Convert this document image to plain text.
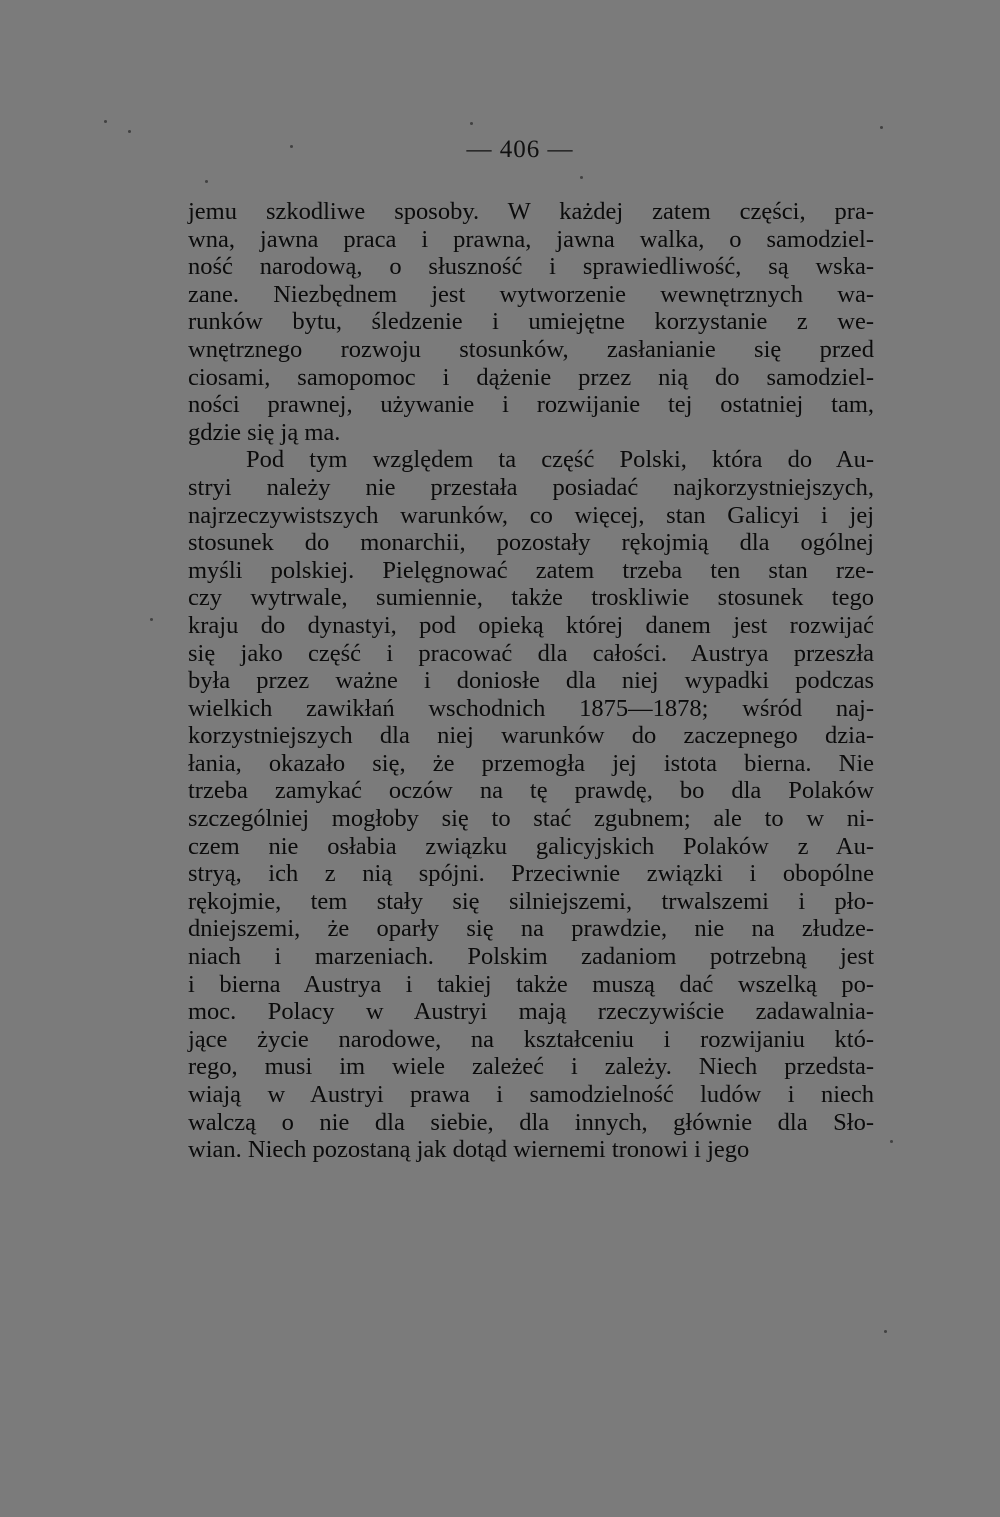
— 406 —
jemu szkodliwe sposoby. W każdej zatem części, pra-
wna, jawna praca i prawna, jawna walka, o samodziel-
ność narodową, o słuszność i sprawiedliwość, są wska-
zane. Niezbędnem jest wytworzenie wewnętrznych wa-
runków bytu, śledzenie i umiejętne korzystanie z we-
wnętrznego rozwoju stosunków, zasłanianie się przed
ciosami, samopomoc i dążenie przez nią do samodziel-
ności prawnej, używanie i rozwijanie tej ostatniej tam,
gdzie się ją ma.
Pod tym względem ta część Polski, która do Au-
stryi należy nie przestała posiadać najkorzystniejszych,
najrzeczywistszych warunków, co więcej, stan Galicyi i jej
stosunek do monarchii, pozostały rękojmią dla ogólnej
myśli polskiej. Pielęgnować zatem trzeba ten stan rze-
czy wytrwale, sumiennie, także troskliwie stosunek tego
kraju do dynastyi, pod opieką której danem jest rozwijać
się jako część i pracować dla całości. Austrya przeszła
była przez ważne i doniosłe dla niej wypadki podczas
wielkich zawikłań wschodnich 1875—1878; wśród naj-
korzystniejszych dla niej warunków do zaczepnego dzia-
łania, okazało się, że przemogła jej istota bierna. Nie
trzeba zamykać oczów na tę prawdę, bo dla Polaków
szczególniej mogłoby się to stać zgubnem; ale to w ni-
czem nie osłabia związku galicyjskich Polaków z Au-
stryą, ich z nią spójni. Przeciwnie związki i obopólne
rękojmie, tem stały się silniejszemi, trwalszemi i pło-
dniejszemi, że oparły się na prawdzie, nie na złudze-
niach i marzeniach. Polskim zadaniom potrzebną jest
i bierna Austrya i takiej także muszą dać wszelką po-
moc. Polacy w Austryi mają rzeczywiście zadawalnia-
jące życie narodowe, na kształceniu i rozwijaniu któ-
rego, musi im wiele zależeć i zależy. Niech przedsta-
wiają w Austryi prawa i samodzielność ludów i niech
walczą o nie dla siebie, dla innych, głównie dla Sło-
wian. Niech pozostaną jak dotąd wiernemi tronowi i jego
